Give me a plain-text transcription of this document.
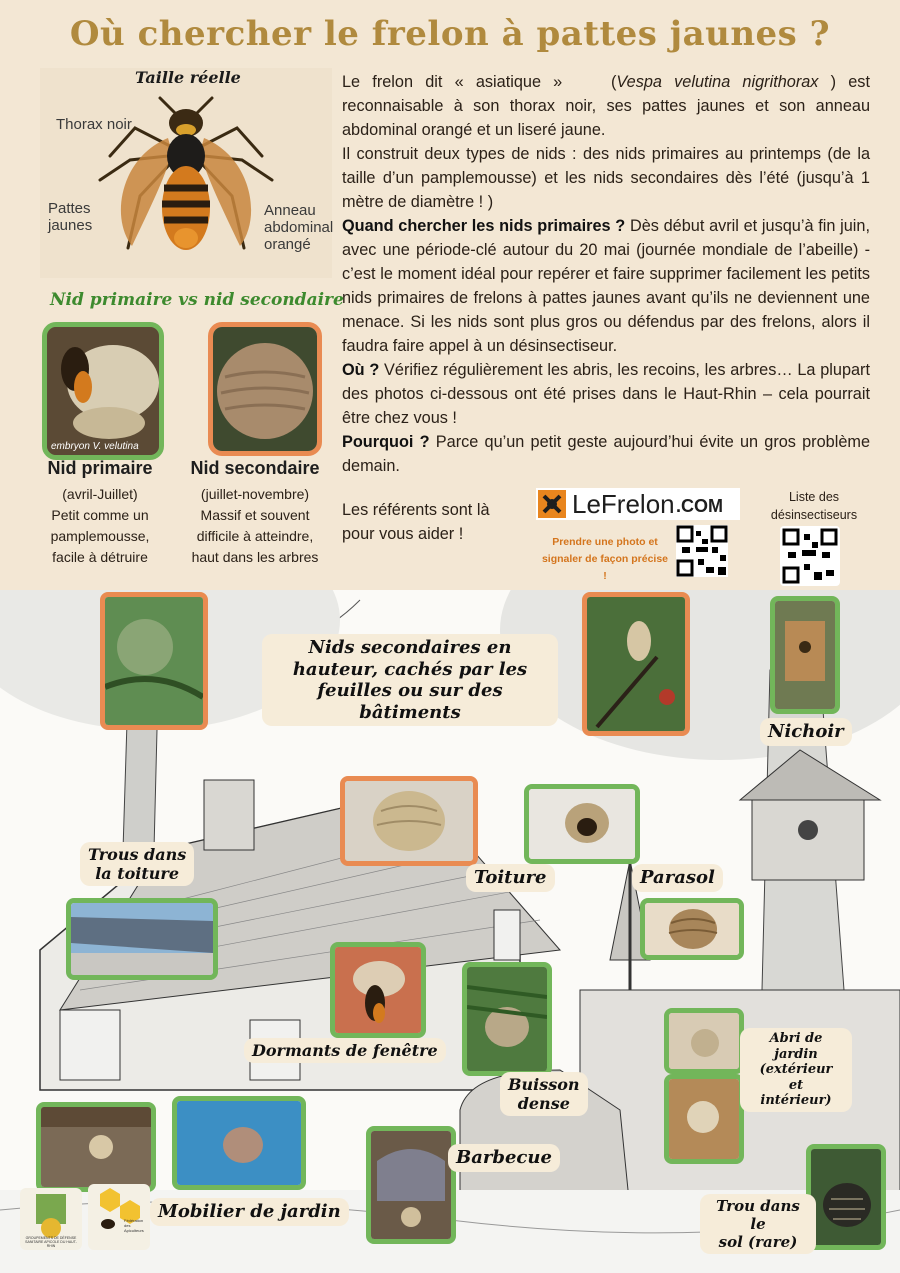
Où chercher le frelon à pattes jaunes ?
Thorax noir
Pattes jaunes
Anneau abdominal orangé
Taille réelle
Nid primaire vs nid secondaire
embryon V. velutina
Nid primaire
(avril-Juillet)
Petit comme un
pamplemousse,
facile à détruire
Nid secondaire
(juillet-novembre)
Massif et souvent
difficile à atteindre,
haut dans les arbres

Le frelon dit « asiatique »	(Vespa velutina nigrithorax ) est reconnaisable à son thorax noir, ses pattes jaunes et son anneau abdominal orangé et un liseré jaune.

Il construit deux types de nids : des nids primaires au printemps (de la taille d’un pamplemousse) et les nids secondaires dès l’été (jusqu’à 1 mètre de diamètre ! )

Quand chercher les nids primaires ? Dès début avril et jusqu’à fin juin, avec une période-clé autour du 20 mai (journée mondiale de l’abeille) - c’est le moment idéal pour repérer et faire supprimer facilement les petits nids primaires de frelons à pattes jaunes avant qu’ils ne deviennent une menace. Si les nids sont plus gros ou défendus par des frelons, alors il faudra faire appel à un désinsectiseur.

Où ? Vérifiez régulièrement les abris, les recoins, les arbres… La plupart des photos ci-dessous ont été prises dans le Haut-Rhin – cela pourrait être chez vous !

Pourquoi ? Parce qu’un petit geste aujourd’hui évite un gros problème demain.

Les référents sont là
pour vous aider !
LeFrelon .COM
Prendre une photo et
signaler de façon précise !
Liste des
désinsectiseurs
Nids secondaires en
hauteur, cachés par les
feuilles ou sur des bâtiments
Nichoir
Trous dans
la toiture	Toiture	Parasol
Dormants de fenêtre
Buisson
dense
Abri de jardin
(extérieur
et
intérieur)
Barbecue
Mobilier de jardin	Trou dans le
sol (rare)
GROUPEMENTS DE DÉFENSE SANITAIRE APICOLE DU HAUT-RHIN
Fédération des Apiculteurs
